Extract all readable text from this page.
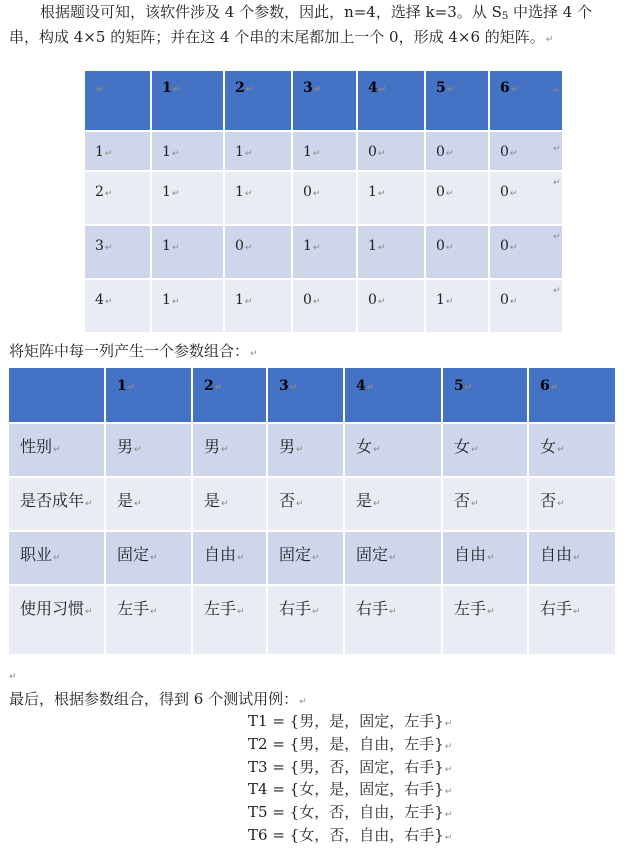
根据题设可知，该软件涉及 4 个参数，因此，n=4，选择 k=3。从 $S_5$ 中选择 4 个串，构成 4×5 的矩阵；并在这 4 个串的末尾都加上一个 0，形成 4×6 的矩阵。↵
↵	1↵	2↵	3↵	4↵	5↵	6↵
1↵	1↵	1↵	1↵	0↵	0↵	0↵
2↵	1↵	1↵	0↵	1↵	0↵	0↵
3↵	1↵	0↵	1↵	1↵	0↵	0↵
4↵	1↵	1↵	0↵	0↵	1↵	0↵
↵
↵
↵
↵
↵
将矩阵中每一列产生一个参数组合：↵
	1↵	2↵	3↵	4↵	5↵	6↵
性别↵	男↵	男↵	男↵	女↵	女↵	女↵
是否成年↵	是↵	是↵	否↵	是↵	否↵	否↵
职业↵	固定↵	自由↵	固定↵	固定↵	自由↵	自由↵
使用习惯↵	左手↵	左手↵	右手↵	右手↵	左手↵	右手↵
↵
最后，根据参数组合，得到 6 个测试用例：↵
T1 = {男，是，固定，左手}↵
T2 = {男，是，自由，左手}↵
T3 = {男，否，固定，右手}↵
T4 = {女，是，固定，右手}↵
T5 = {女，否，自由，左手}↵
T6 = {女，否，自由，右手}↵
